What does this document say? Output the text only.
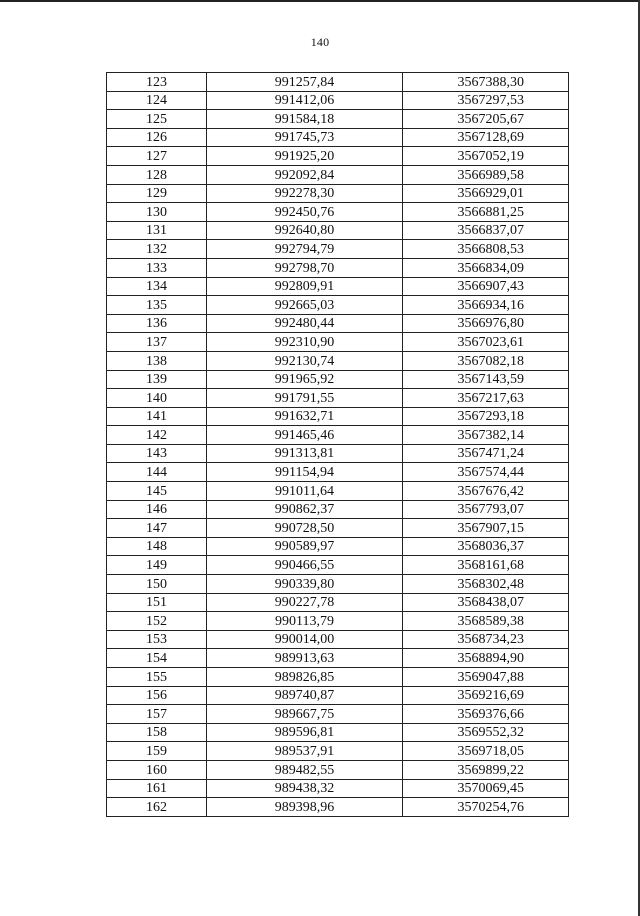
140
123	991257,84	3567388,30
124	991412,06	3567297,53
125	991584,18	3567205,67
126	991745,73	3567128,69
127	991925,20	3567052,19
128	992092,84	3566989,58
129	992278,30	3566929,01
130	992450,76	3566881,25
131	992640,80	3566837,07
132	992794,79	3566808,53
133	992798,70	3566834,09
134	992809,91	3566907,43
135	992665,03	3566934,16
136	992480,44	3566976,80
137	992310,90	3567023,61
138	992130,74	3567082,18
139	991965,92	3567143,59
140	991791,55	3567217,63
141	991632,71	3567293,18
142	991465,46	3567382,14
143	991313,81	3567471,24
144	991154,94	3567574,44
145	991011,64	3567676,42
146	990862,37	3567793,07
147	990728,50	3567907,15
148	990589,97	3568036,37
149	990466,55	3568161,68
150	990339,80	3568302,48
151	990227,78	3568438,07
152	990113,79	3568589,38
153	990014,00	3568734,23
154	989913,63	3568894,90
155	989826,85	3569047,88
156	989740,87	3569216,69
157	989667,75	3569376,66
158	989596,81	3569552,32
159	989537,91	3569718,05
160	989482,55	3569899,22
161	989438,32	3570069,45
162	989398,96	3570254,76
